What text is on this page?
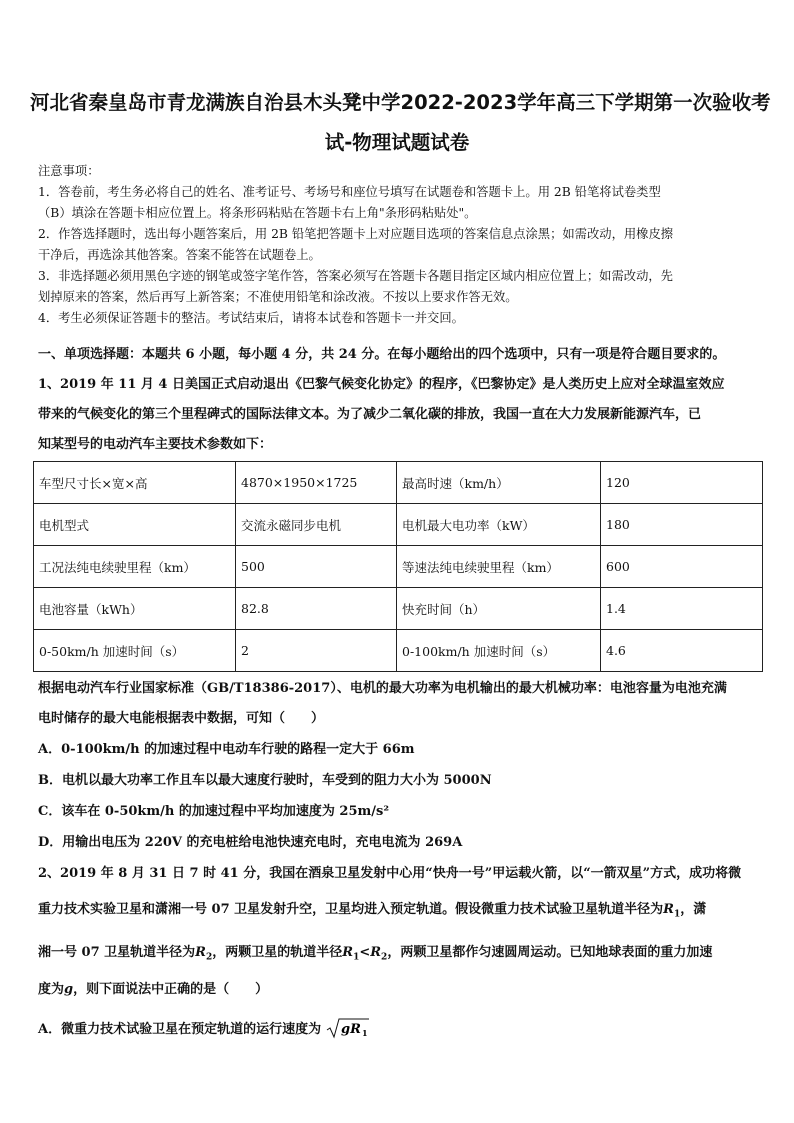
河北省秦皇岛市青龙满族自治县木头凳中学2022-2023学年高三下学期第一次验收考
试-物理试题试卷
注意事项：
1．答卷前，考生务必将自己的姓名、准考证号、考场号和座位号填写在试题卷和答题卡上。用 2B 铅笔将试卷类型
（B）填涂在答题卡相应位置上。将条形码粘贴在答题卡右上角"条形码粘贴处"。
2．作答选择题时，选出每小题答案后，用 2B 铅笔把答题卡上对应题目选项的答案信息点涂黑；如需改动，用橡皮擦
干净后，再选涂其他答案。答案不能答在试题卷上。
3．非选择题必须用黑色字迹的钢笔或签字笔作答，答案必须写在答题卡各题目指定区域内相应位置上；如需改动，先
划掉原来的答案，然后再写上新答案；不准使用铅笔和涂改液。不按以上要求作答无效。
4．考生必须保证答题卡的整洁。考试结束后，请将本试卷和答题卡一并交回。
一、单项选择题：本题共 6 小题，每小题 4 分，共 24 分。在每小题给出的四个选项中，只有一项是符合题目要求的。
1、2019 年 11 月 4 日美国正式启动退出《巴黎气候变化协定》的程序，《巴黎协定》是人类历史上应对全球温室效应
带来的气候变化的第三个里程碑式的国际法律文本。为了减少二氧化碳的排放，我国一直在大力发展新能源汽车，已
知某型号的电动汽车主要技术参数如下：
车型尺寸长×宽×高	4870×1950×1725	最高时速（km/h）	120
电机型式	交流永磁同步电机	电机最大电功率（kW）	180
工况法纯电续驶里程（km）	500	等速法纯电续驶里程（km）	600
电池容量（kWh）	82.8	快充时间（h）	1.4
0-50km/h 加速时间（s）	2	0-100km/h 加速时间（s）	4.6
根据电动汽车行业国家标准（GB/T18386-2017）、电机的最大功率为电机输出的最大机械功率：电池容量为电池充满
电时储存的最大电能根据表中数据，可知（　　）
A．0-100km/h 的加速过程中电动车行驶的路程一定大于 66m
B．电机以最大功率工作且车以最大速度行驶时，车受到的阻力大小为 5000N
C．该车在 0-50km/h 的加速过程中平均加速度为 25m/s²
D．用输出电压为 220V 的充电桩给电池快速充电时，充电电流为 269A
2、2019 年 8 月 31 日 7 时 41 分，我国在酒泉卫星发射中心用“快舟一号”甲运载火箭，以“一箭双星”方式，成功将微
重力技术实验卫星和潇湘一号 07 卫星发射升空，卫星均进入预定轨道。假设微重力技术试验卫星轨道半径为$R_1$，潇
湘一号 07 卫星轨道半径为$R_2$，两颗卫星的轨道半径$R_1<R_2$，两颗卫星都作匀速圆周运动。已知地球表面的重力加速
度为g，则下面说法中正确的是（　　）
A．微重力技术试验卫星在预定轨道的运行速度为 gR 1
